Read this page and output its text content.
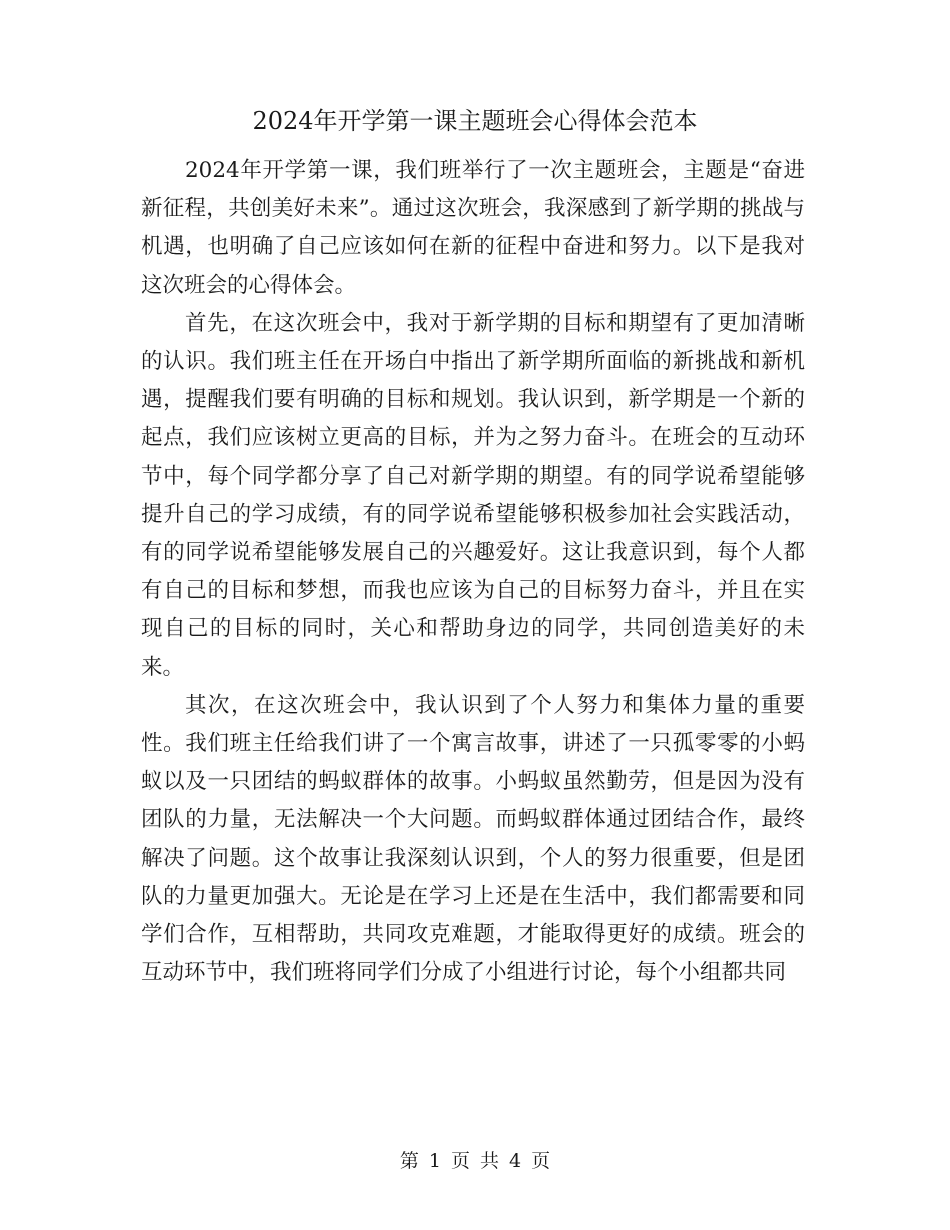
2024年开学第一课主题班会心得体会范本

2024年开学第一课，我们班举行了一次主题班会，主题是“奋进新征程，共创美好未来”。通过这次班会，我深感到了新学期的挑战与机遇，也明确了自己应该如何在新的征程中奋进和努力。以下是我对这次班会的心得体会。

首先，在这次班会中，我对于新学期的目标和期望有了更加清晰的认识。我们班主任在开场白中指出了新学期所面临的新挑战和新机遇，提醒我们要有明确的目标和规划。我认识到，新学期是一个新的起点，我们应该树立更高的目标，并为之努力奋斗。在班会的互动环节中，每个同学都分享了自己对新学期的期望。有的同学说希望能够提升自己的学习成绩，有的同学说希望能够积极参加社会实践活动，有的同学说希望能够发展自己的兴趣爱好。这让我意识到，每个人都有自己的目标和梦想，而我也应该为自己的目标努力奋斗，并且在实现自己的目标的同时，关心和帮助身边的同学，共同创造美好的未来。

其次，在这次班会中，我认识到了个人努力和集体力量的重要性。我们班主任给我们讲了一个寓言故事，讲述了一只孤零零的小蚂蚁以及一只团结的蚂蚁群体的故事。小蚂蚁虽然勤劳，但是因为没有团队的力量，无法解决一个大问题。而蚂蚁群体通过团结合作，最终解决了问题。这个故事让我深刻认识到，个人的努力很重要，但是团队的力量更加强大。无论是在学习上还是在生活中，我们都需要和同学们合作，互相帮助，共同攻克难题，才能取得更好的成绩。班会的互动环节中，我们班将同学们分成了小组进行讨论，每个小组都共同

第 1 页 共 4 页
